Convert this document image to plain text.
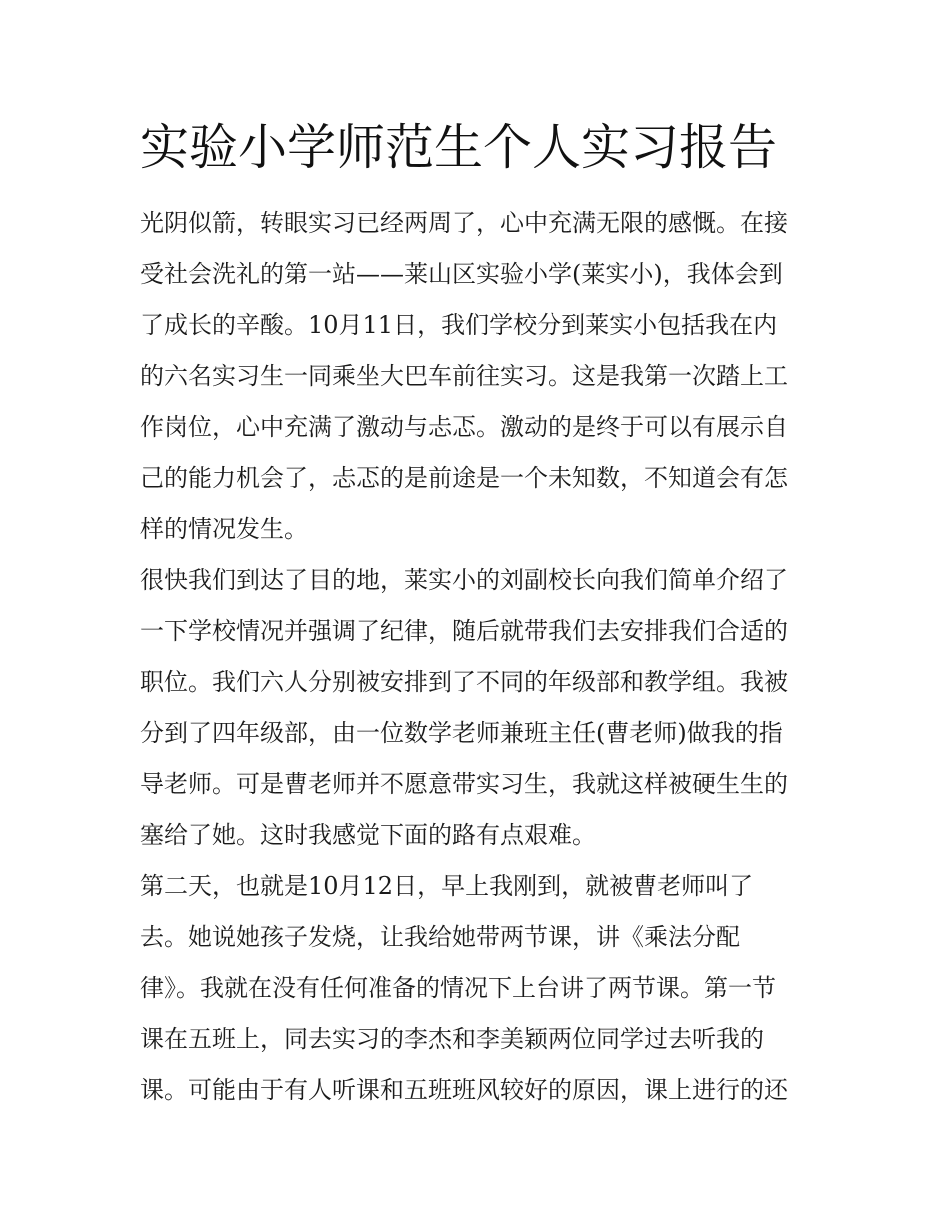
实验小学师范生个人实习报告
光阴似箭，转眼实习已经两周了，心中充满无限的感慨。在接
受社会洗礼的第一站——莱山区实验小学(莱实小)，我体会到
了成长的辛酸。10月11日，我们学校分到莱实小包括我在内
的六名实习生一同乘坐大巴车前往实习。这是我第一次踏上工
作岗位，心中充满了激动与忐忑。激动的是终于可以有展示自
己的能力机会了，忐忑的是前途是一个未知数，不知道会有怎
样的情况发生。
很快我们到达了目的地，莱实小的刘副校长向我们简单介绍了
一下学校情况并强调了纪律，随后就带我们去安排我们合适的
职位。我们六人分别被安排到了不同的年级部和教学组。我被
分到了四年级部，由一位数学老师兼班主任(曹老师)做我的指
导老师。可是曹老师并不愿意带实习生，我就这样被硬生生的
塞给了她。这时我感觉下面的路有点艰难。
第二天，也就是10月12日，早上我刚到，就被曹老师叫了
去。她说她孩子发烧，让我给她带两节课，讲《乘法分配
律》。我就在没有任何准备的情况下上台讲了两节课。第一节
课在五班上，同去实习的李杰和李美颖两位同学过去听我的
课。可能由于有人听课和五班班风较好的原因，课上进行的还
